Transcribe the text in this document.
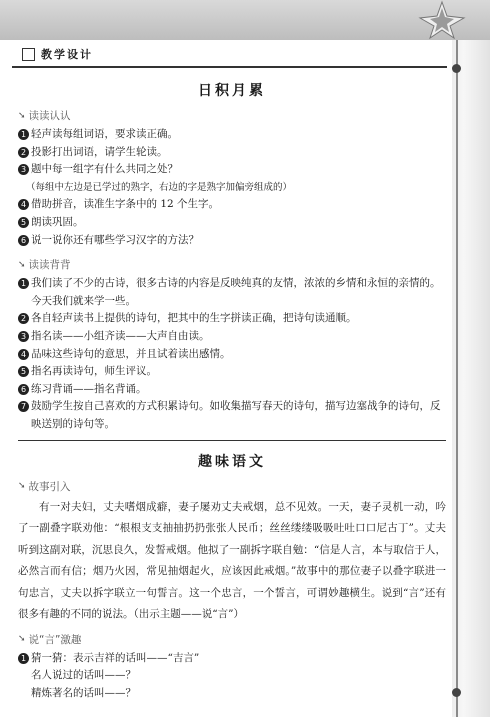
教学设计
日积月累
➘ 读读认认
1 轻声读每组词语，要求读正确。
2 投影打出词语，请学生轮读。
3 题中每一组字有什么共同之处？
（每组中左边是已学过的熟字，右边的字是熟字加偏旁组成的）
4 借助拼音，读准生字条中的 12 个生字。
5 朗读巩固。
6 说一说你还有哪些学习汉字的方法？
➘ 读读背背
1 我们读了不少的古诗，很多古诗的内容是反映纯真的友情，浓浓的乡情和永恒的亲情的。今天我们就来学一些。
2 各自轻声读书上提供的诗句，把其中的生字拼读正确，把诗句读通顺。
3 指名读——小组齐读——大声自由读。
4 品味这些诗句的意思，并且试着读出感情。
5 指名再读诗句，师生评议。
6 练习背诵——指名背诵。
7 鼓励学生按自己喜欢的方式积累诗句。如收集描写春天的诗句，描写边塞战争的诗句，反映送别的诗句等。
趣味语文
➘ 故事引入
有一对夫妇，丈夫嗜烟成癖，妻子屡劝丈夫戒烟，总不见效。一天，妻子灵机一动，吟了一副叠字联劝他：“根根支支抽抽扔扔张张人民币；丝丝缕缕吸吸吐吐口口尼古丁”。丈夫听到这副对联，沉思良久，发誓戒烟。他拟了一副拆字联自勉：“信是人言，本与取信于人，必然言而有信；烟乃火因，常见抽烟起火，应该因此戒烟。”故事中的那位妻子以叠字联进一句忠言，丈夫以拆字联立一句誓言。这一个忠言，一个誓言，可谓妙趣横生。说到“言”还有很多有趣的不同的说法。（出示主题——说“言”）
➘ 说“言”激趣
1 猜一猜：表示吉祥的话叫——“吉言”
名人说过的话叫——？
精炼著名的话叫——？
